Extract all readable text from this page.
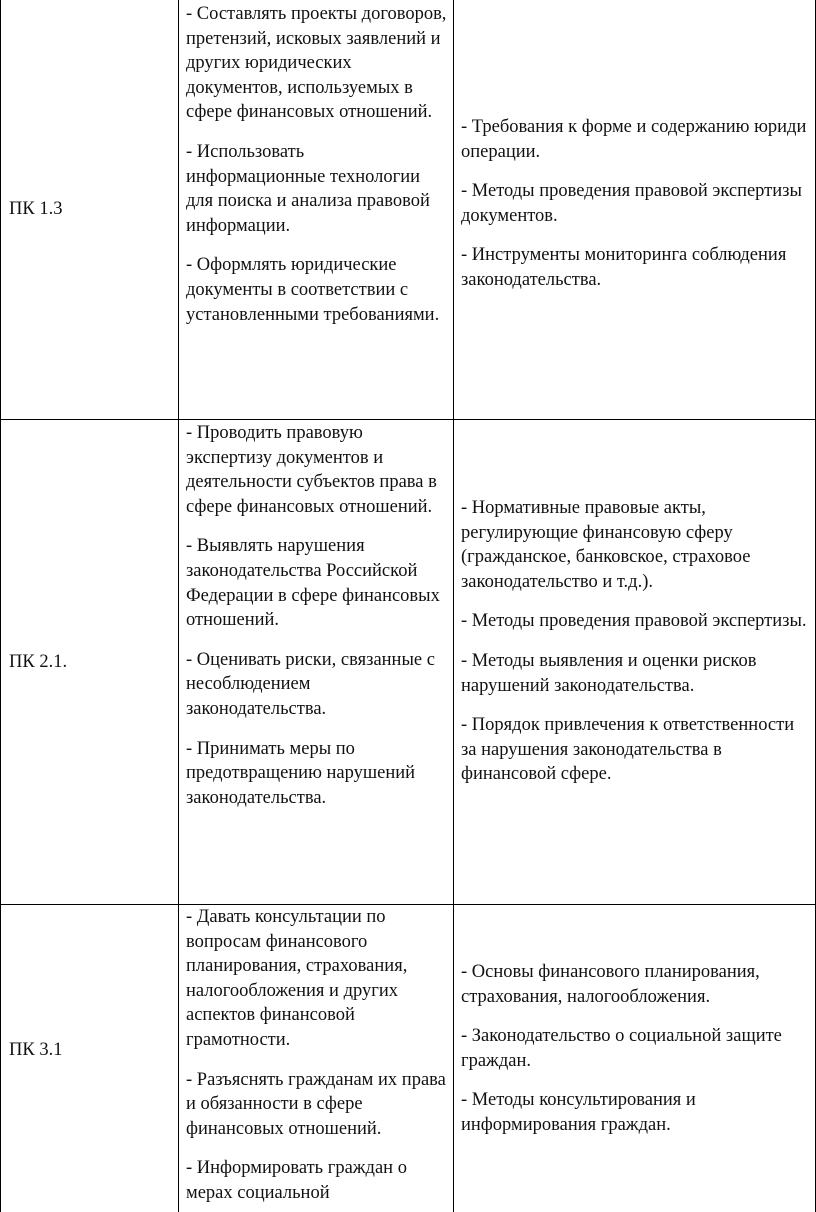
ПК 1.3

- Составлять проекты договоров, претензий, исковых заявлений и других юридических документов, используемых в сфере финансовых отношений.

- Использовать информационные технологии для поиска и анализа правовой информации.

- Оформлять юридические документы в соответствии с установленными требованиями.

- Требования к форме и содержанию юриди операции.

- Методы проведения правовой экспертизы документов.

- Инструменты мониторинга соблюдения законодательства.

ПК 2.1.

- Проводить правовую экспертизу документов и деятельности субъектов права в сфере финансовых отношений.

- Выявлять нарушения законодательства Российской Федерации в сфере финансовых отношений.

- Оценивать риски, связанные с несоблюдением законодательства.

- Принимать меры по предотвращению нарушений законодательства.

- Нормативные правовые акты, регулирующие финансовую сферу (гражданское, банковское, страховое законодательство и т.д.).

- Методы проведения правовой экспертизы.

- Методы выявления и оценки рисков нарушений законодательства.

- Порядок привлечения к ответственности за нарушения законодательства в финансовой сфере.

ПК 3.1

- Давать консультации по вопросам финансового планирования, страхования, налогообложения и других аспектов финансовой грамотности.

- Разъяснять гражданам их права и обязанности в сфере финансовых отношений.

- Информировать граждан о мерах социальной

- Основы финансового планирования, страхования, налогообложения.

- Законодательство о социальной защите граждан.

- Методы консультирования и информирования граждан.
